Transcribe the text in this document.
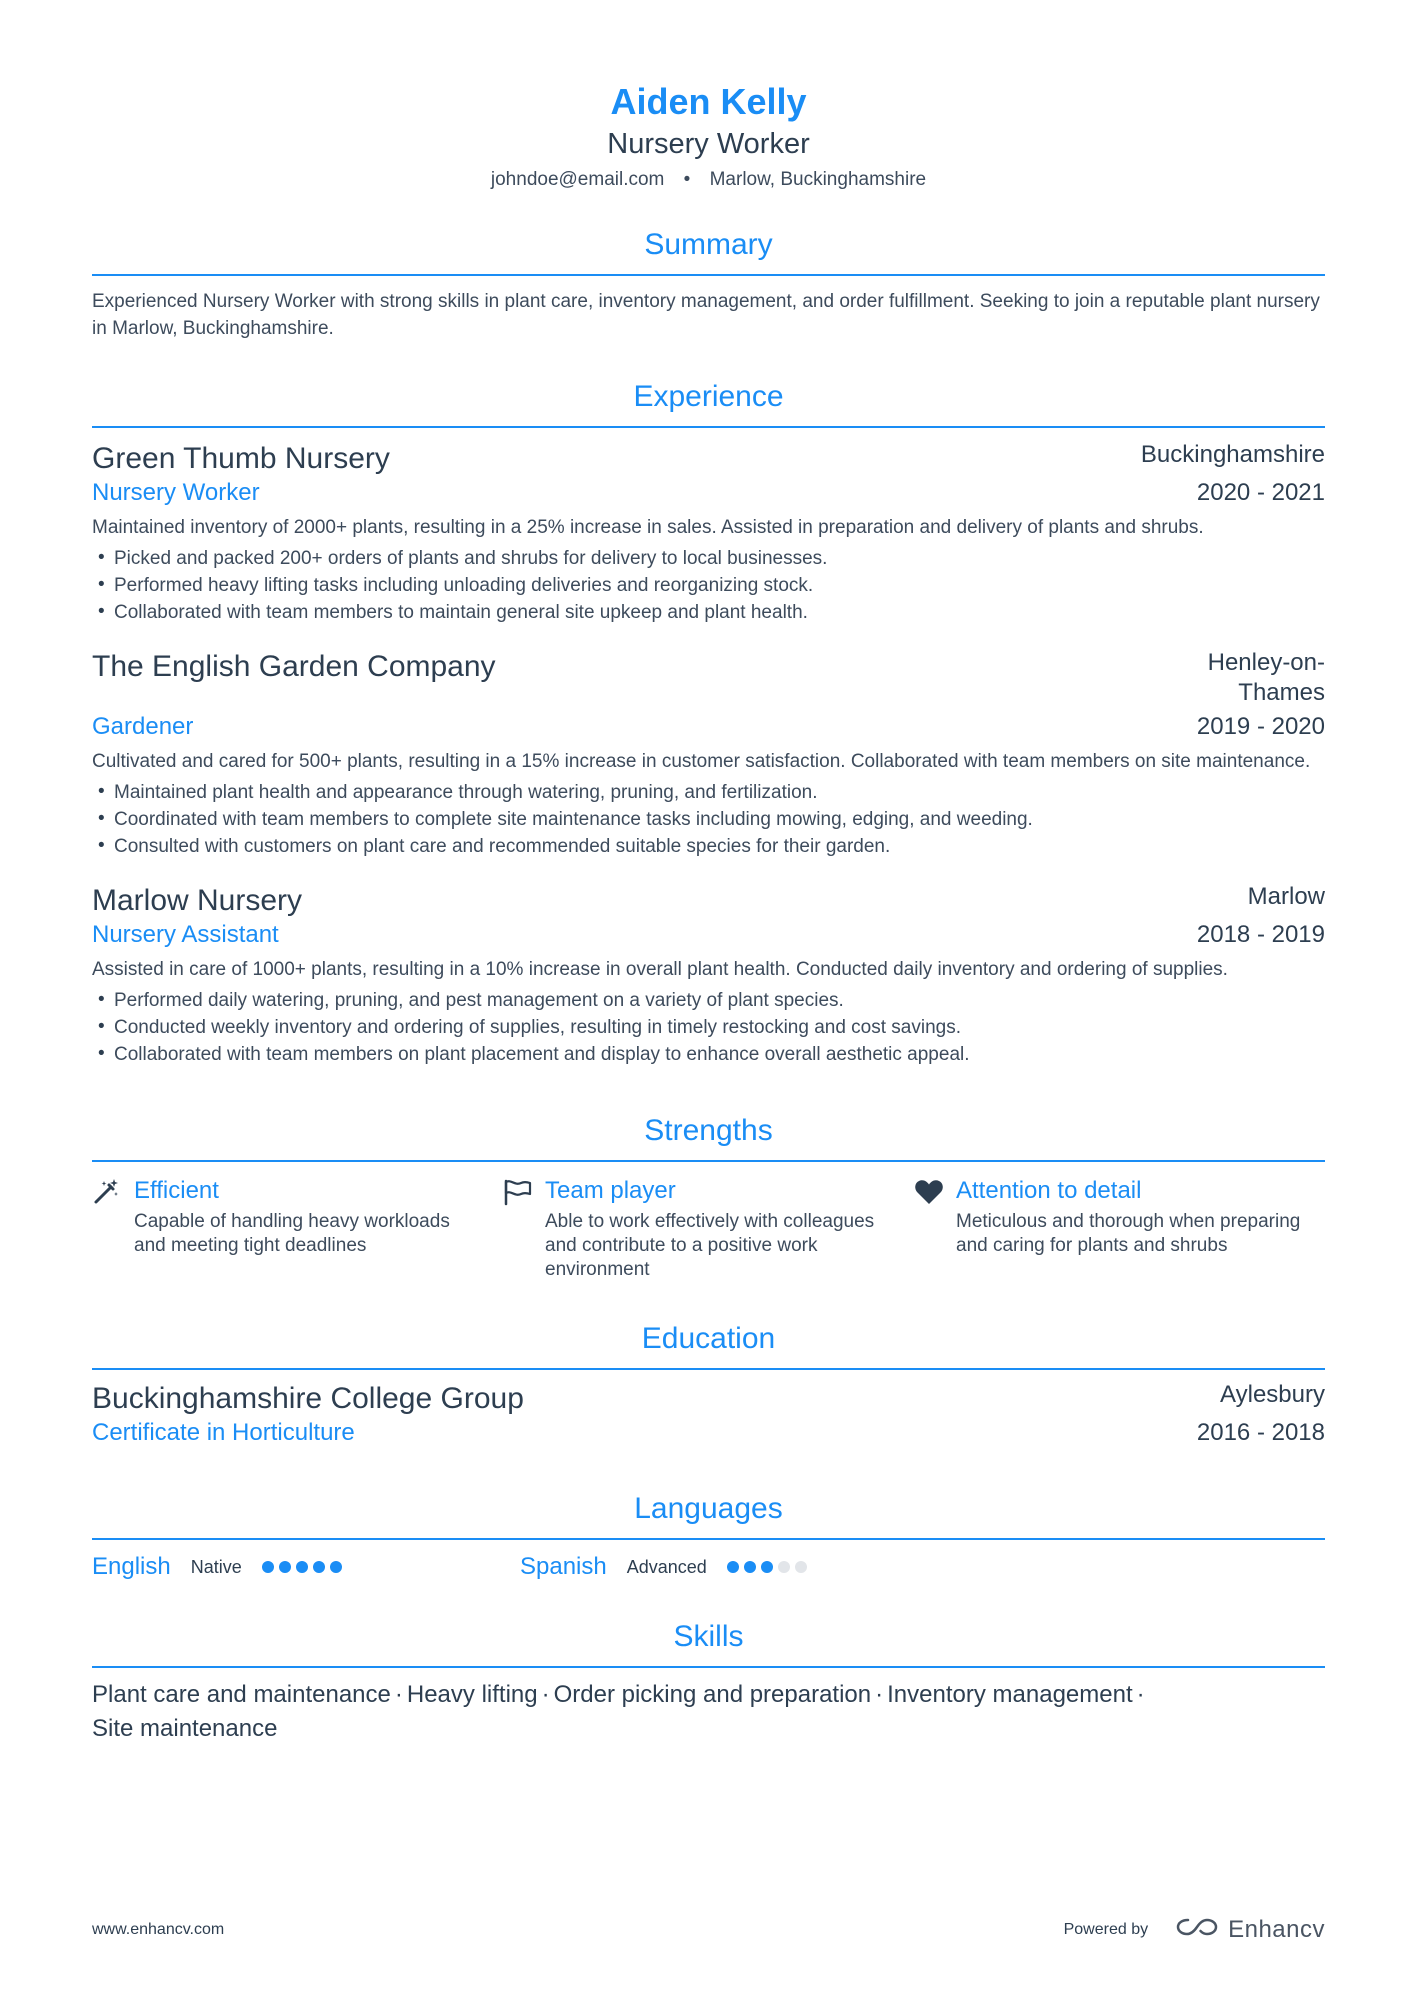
Aiden Kelly
Nursery Worker
johndoe@email.com • Marlow, Buckinghamshire
Summary
Experienced Nursery Worker with strong skills in plant care, inventory management, and order fulfillment. Seeking to join a reputable plant nursery in Marlow, Buckinghamshire.
Experience
Green Thumb Nursery	Buckinghamshire
Nursery Worker	2020 - 2021
Maintained inventory of 2000+ plants, resulting in a 25% increase in sales. Assisted in preparation and delivery of plants and shrubs.
• Picked and packed 200+ orders of plants and shrubs for delivery to local businesses.
• Performed heavy lifting tasks including unloading deliveries and reorganizing stock.
• Collaborated with team members to maintain general site upkeep and plant health.
The English Garden Company	Henley-on-Thames
Gardener	2019 - 2020
Cultivated and cared for 500+ plants, resulting in a 15% increase in customer satisfaction. Collaborated with team members on site maintenance.
• Maintained plant health and appearance through watering, pruning, and fertilization.
• Coordinated with team members to complete site maintenance tasks including mowing, edging, and weeding.
• Consulted with customers on plant care and recommended suitable species for their garden.
Marlow Nursery	Marlow
Nursery Assistant	2018 - 2019
Assisted in care of 1000+ plants, resulting in a 10% increase in overall plant health. Conducted daily inventory and ordering of supplies.
• Performed daily watering, pruning, and pest management on a variety of plant species.
• Conducted weekly inventory and ordering of supplies, resulting in timely restocking and cost savings.
• Collaborated with team members on plant placement and display to enhance overall aesthetic appeal.
Strengths
Efficient
Capable of handling heavy workloads and meeting tight deadlines
Team player
Able to work effectively with colleagues and contribute to a positive work environment
Attention to detail
Meticulous and thorough when preparing and caring for plants and shrubs
Education
Buckinghamshire College Group	Aylesbury
Certificate in Horticulture	2016 - 2018
Languages
English Native	Spanish Advanced
Skills
Plant care and maintenance · Heavy lifting · Order picking and preparation · Inventory management ·
Site maintenance
www.enhancv.com	Powered by	Enhancv
